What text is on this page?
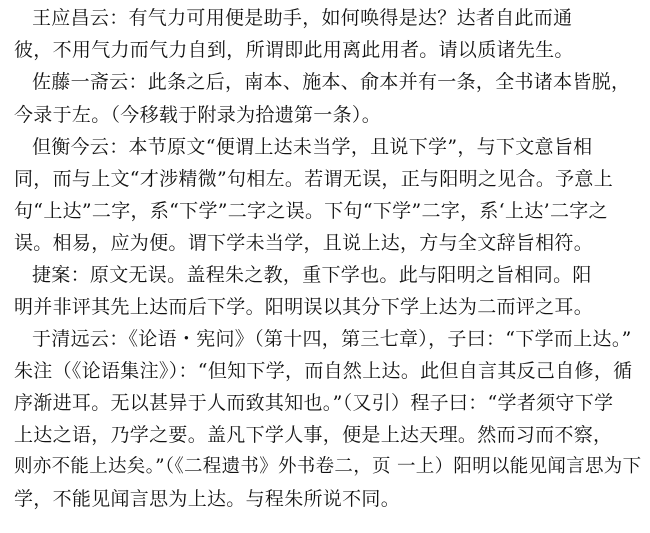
王应昌云：有气力可用便是助手，如何唤得是达？达者自此而通
彼，不用气力而气力自到，所谓即此用离此用者。请以质诸先生。
佐藤一斋云：此条之后，南本、施本、俞本并有一条，全书诸本皆脱，
今录于左。（今移载于附录为拾遗第一条）。
但衡今云：本节原文“便谓上达未当学，且说下学”，与下文意旨相
同，而与上文“才涉精微”句相左。若谓无误，正与阳明之见合。予意上
句“上达”二字，系“下学”二字之误。下句“下学”二字，系‘上达’二字之
误。相易，应为便。谓下学未当学，且说上达，方与全文辞旨相符。
捷案：原文无误。盖程朱之教，重下学也。此与阳明之旨相同。阳
明并非评其先上达而后下学。阳明误以其分下学上达为二而评之耳。
于清远云：《论语・宪问》（第十四，第三七章），子曰：“下学而上达。”
朱注（《论语集注》）：“但知下学，而自然上达。此但自言其反己自修，循
序渐进耳。无以甚异于人而致其知也。”（又引）程子曰：“学者须守下学
上达之语，乃学之要。盖凡下学人事，便是上达天理。然而习而不察，
则亦不能上达矣。”（《二程遗书》外书卷二，页 一上）阳明以能见闻言思为下
学，不能见闻言思为上达。与程朱所说不同。
